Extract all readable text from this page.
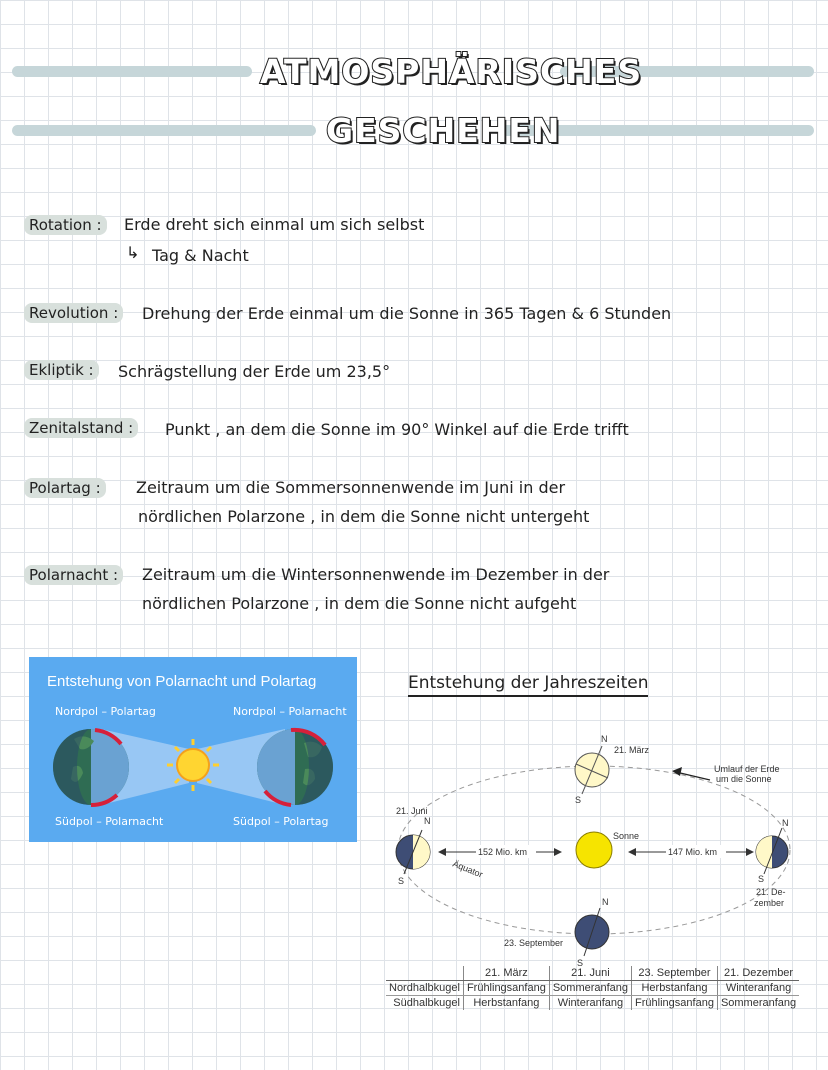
ATMOSPHÄRISCHES
GESCHEHEN
Rotation :	Erde dreht sich einmal um sich selbst
↳ Tag & Nacht
Revolution :	Drehung der Erde einmal um die Sonne in 365 Tagen & 6 Stunden
Ekliptik :	Schrägstellung der Erde um 23,5°
Zenitalstand :	Punkt , an dem die Sonne im 90° Winkel auf die Erde trifft
Polartag :	Zeitraum um die Sommersonnenwende im Juni in der
nördlichen Polarzone , in dem die Sonne nicht untergeht
Polarnacht :	Zeitraum um die Wintersonnenwende im Dezember in der
nördlichen Polarzone , in dem die Sonne nicht aufgeht
Entstehung von Polarnacht und Polartag
Nordpol – Polartag	Nordpol – Polarnacht
Südpol – Polarnacht	Südpol – Polartag
Entstehung der Jahreszeiten
Umlauf der Erde
um die Sonne
N
S
21. März
Sonne
21. Juni
N
S
Äquator
152 Mio. km	147 Mio. km
N
S
21. De-
zember
N
S
23. September
	21. März	21. Juni	23. September	21. Dezember
Nordhalbkugel	Frühlingsanfang	Sommeranfang	Herbstanfang	Winteranfang
Südhalbkugel	Herbstanfang	Winteranfang	Frühlingsanfang	Sommeranfang
